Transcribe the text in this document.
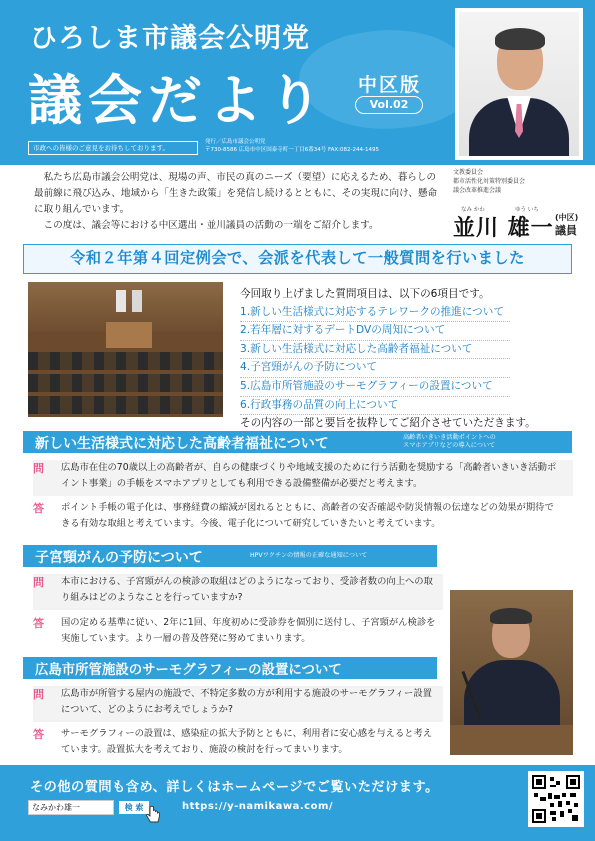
ひろしま市議会公明党
議会だより 中区版
Vol.02
市政への皆様のご意見をお待ちしております。
発行／広島市議会公明党
〒730-8586 広島市中区国泰寺町一丁目6番34号 FAX:082-244-1495

私たち広島市議会公明党は、現場の声、市民の真のニーズ（要望）に応えるため、暮らしの最前線に飛び込み、地域から「生きた政策」を発信し続けるとともに、その実現に向け、懸命に取り組んでいます。

この度は、議会等における中区選出・並川議員の活動の一端をご紹介します。

文教委員会
都市活性化対策特別委員会
議会改革推進会議
なみ かわ	ゆう いち
並川 雄一 (中区)
議員
令和２年第４回定例会で、会派を代表して一般質問を行いました
今回取り上げました質問項目は、以下の6項目です。
1.新しい生活様式に対応するテレワークの推進について
2.若年層に対するデートDVの周知について
3.新しい生活様式に対応した高齢者福祉について
4.子宮頸がんの予防について
5.広島市所管施設のサーモグラフィーの設置について
6.行政事務の品質の向上について
その内容の一部と要旨を抜粋してご紹介させていただきます。
新しい生活様式に対応した高齢者福祉について	高齢者いきいき活動ポイントへの
スマホアプリなどの導入について
問 広島市在住の70歳以上の高齢者が、自らの健康づくりや地域支援のために行う活動を奨励する「高齢者いきいき活動ポイント事業」の手帳をスマホアプリとしても利用できる設備整備が必要だと考えます。
答 ポイント手帳の電子化は、事務経費の縮減が図れるとともに、高齢者の安否確認や防災情報の伝達などの効果が期待できる有効な取組と考えています。今後、電子化について研究していきたいと考えています。
子宮頸がんの予防について	HPVワクチンの情報の正確な通知について
問 本市における、子宮頸がんの検診の取組はどのようになっており、受診者数の向上への取り組みはどのようなことを行っていますか?
答 国の定める基準に従い、2年に1回、年度初めに受診券を個別に送付し、子宮頸がん検診を実施しています。より一層の普及啓発に努めてまいります。
広島市所管施設のサーモグラフィーの設置について
問 広島市が所管する屋内の施設で、不特定多数の方が利用する施設のサーモグラフィー設置について、どのようにお考えでしょうか?
答 サーモグラフィーの設置は、感染症の拡大予防とともに、利用者に安心感を与えると考えています。設置拡大を考えており、施設の検討を行ってまいります。
その他の質問も含め、詳しくはホームページでご覧いただけます。
なみかわ雄一	検 索	https://y-namikawa.com/
